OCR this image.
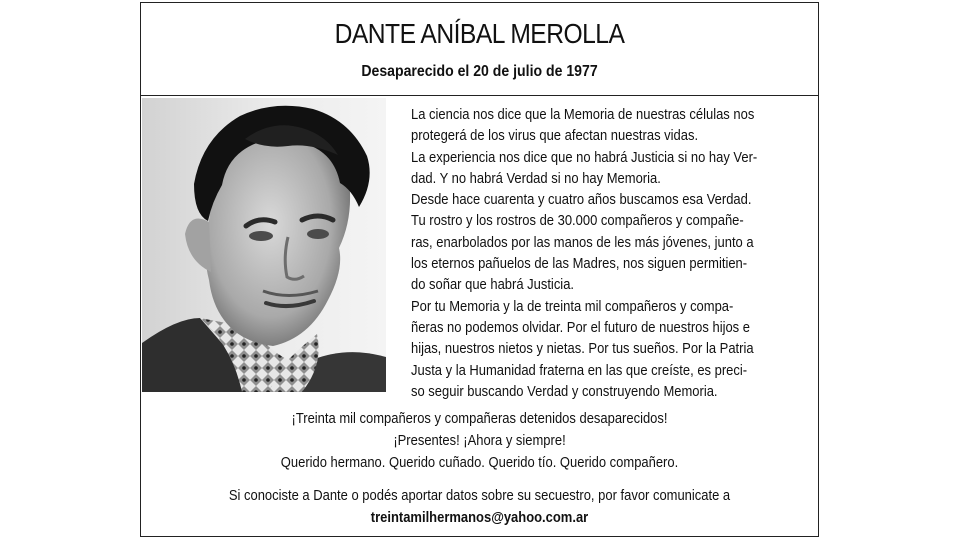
DANTE ANÍBAL MEROLLA
Desaparecido el 20 de julio de 1977
La ciencia nos dice que la Memoria de nuestras células nos
protegerá de los virus que afectan nuestras vidas.
La experiencia nos dice que no habrá Justicia si no hay Ver-
dad. Y no habrá Verdad si no hay Memoria.
Desde hace cuarenta y cuatro años buscamos esa Verdad.
Tu rostro y los rostros de 30.000 compañeros y compañe-
ras, enarbolados por las manos de les más jóvenes, junto a
los eternos pañuelos de las Madres, nos siguen permitien-
do soñar que habrá Justicia.
Por tu Memoria y la de treinta mil compañeros y compa-
ñeras no podemos olvidar. Por el futuro de nuestros hijos e
hijas, nuestros nietos y nietas. Por tus sueños. Por la Patria
Justa y la Humanidad fraterna en las que creíste, es preci-
so seguir buscando Verdad y construyendo Memoria.
¡Treinta mil compañeros y compañeras detenidos desaparecidos!
¡Presentes! ¡Ahora y siempre!
Querido hermano. Querido cuñado. Querido tío. Querido compañero.
Si conociste a Dante o podés aportar datos sobre su secuestro, por favor comunicate a
treintamilhermanos@yahoo.com.ar
